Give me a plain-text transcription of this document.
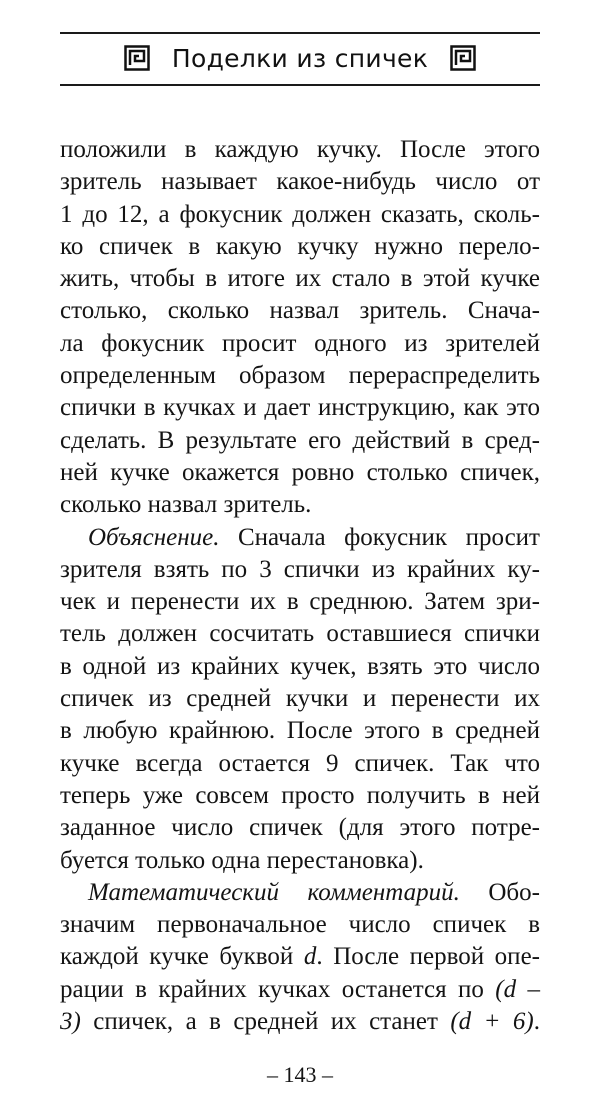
Поделки из спичек
положили в каждую кучку. После этого
зритель называет какое-нибудь число от
1 до 12, а фокусник должен сказать, сколь-
ко спичек в какую кучку нужно перело-
жить, чтобы в итоге их стало в этой кучке
столько, сколько назвал зритель. Снача-
ла фокусник просит одного из зрителей
определенным образом перераспределить
спички в кучках и дает инструкцию, как это
сделать. В результате его действий в сред-
ней кучке окажется ровно столько спичек,
сколько назвал зритель.
Объяснение. Сначала фокусник просит
зрителя взять по 3 спички из крайних ку-
чек и перенести их в среднюю. Затем зри-
тель должен сосчитать оставшиеся спички
в одной из крайних кучек, взять это число
спичек из средней кучки и перенести их
в любую крайнюю. После этого в средней
кучке всегда остается 9 спичек. Так что
теперь уже совсем просто получить в ней
заданное число спичек (для этого потре-
буется только одна перестановка).
Математический комментарий. Обо-
значим первоначальное число спичек в
каждой кучке буквой d. После первой опе-
рации в крайних кучках останется по (d –
3) спичек, а в средней их станет (d + 6).
– 143 –
